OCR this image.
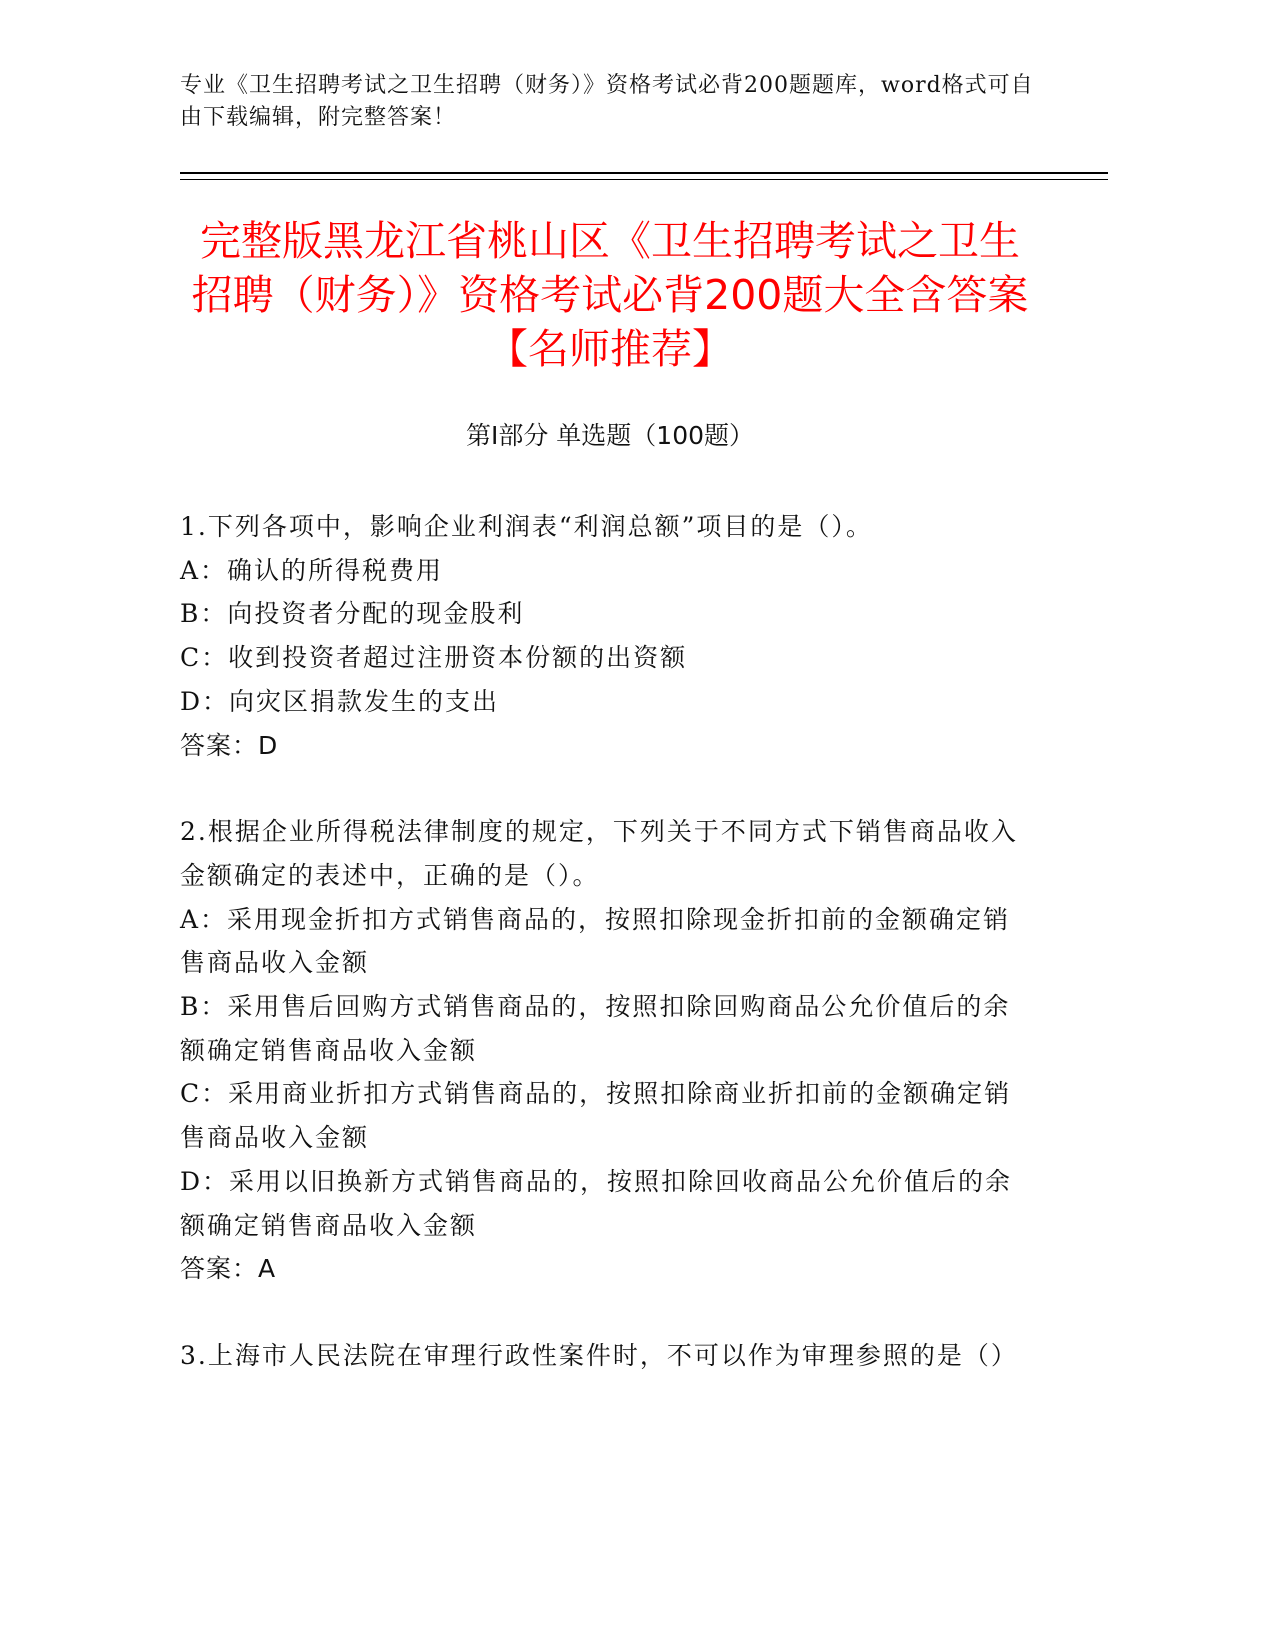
专业《卫生招聘考试之卫生招聘（财务）》资格考试必背200题题库，word格式可自由下载编辑，附完整答案！
完整版黑龙江省桃山区《卫生招聘考试之卫生招聘（财务）》资格考试必背200题大全含答案【名师推荐】
第Ⅰ部分 单选题（100题）
1.下列各项中，影响企业利润表“利润总额”项目的是（）。
A：确认的所得税费用
B：向投资者分配的现金股利
C：收到投资者超过注册资本份额的出资额
D：向灾区捐款发生的支出
答案：D
2.根据企业所得税法律制度的规定，下列关于不同方式下销售商品收入金额确定的表述中，正确的是（）。
A：采用现金折扣方式销售商品的，按照扣除现金折扣前的金额确定销售商品收入金额
B：采用售后回购方式销售商品的，按照扣除回购商品公允价值后的余额确定销售商品收入金额
C：采用商业折扣方式销售商品的，按照扣除商业折扣前的金额确定销售商品收入金额
D：采用以旧换新方式销售商品的，按照扣除回收商品公允价值后的余额确定销售商品收入金额
答案：A
3.上海市人民法院在审理行政性案件时，不可以作为审理参照的是（）
